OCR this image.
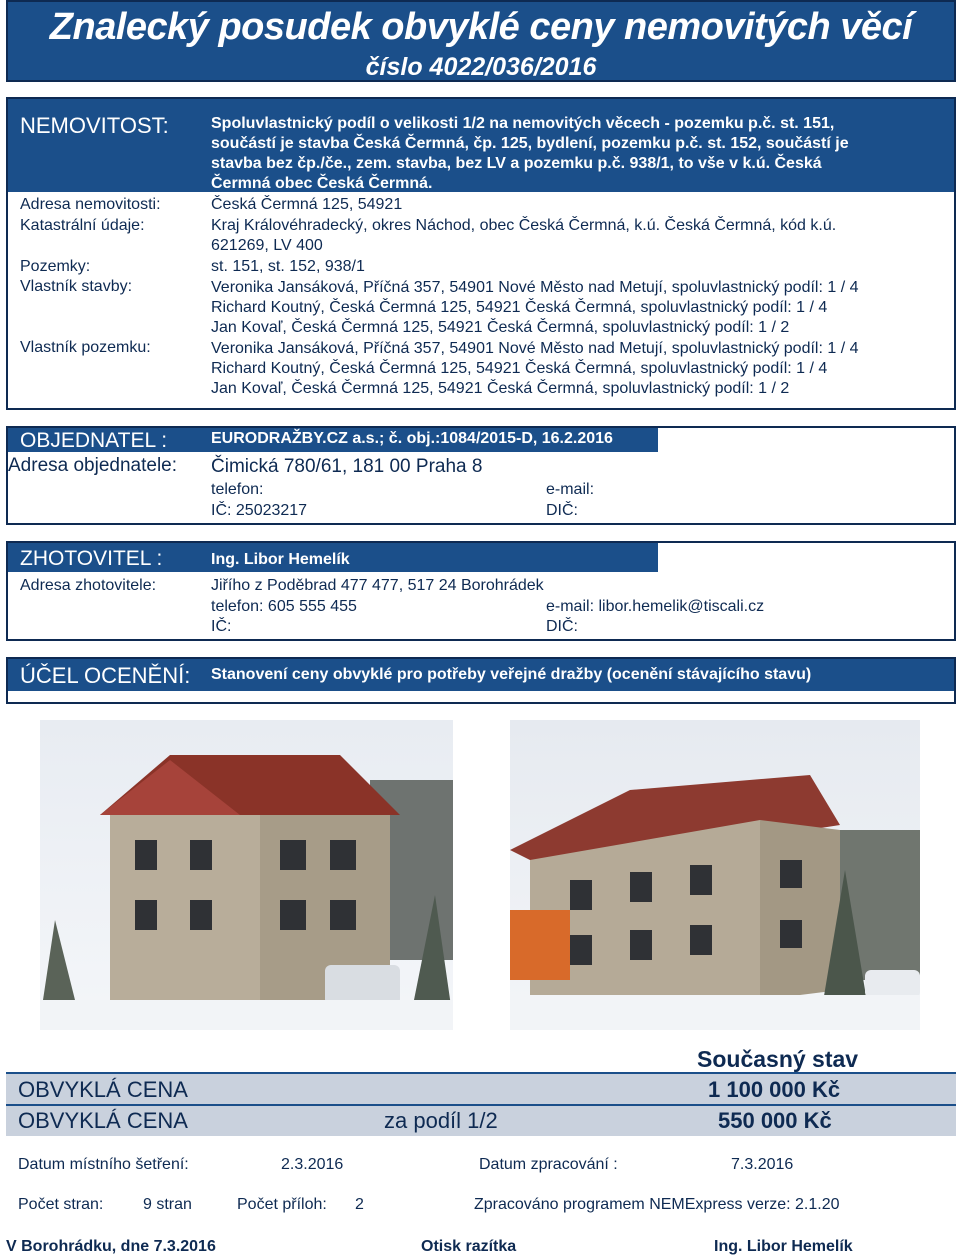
Znalecký posudek obvyklé ceny nemovitých věcí
číslo 4022/036/2016
NEMOVITOST:	Spoluvlastnický podíl o velikosti 1/2 na nemovitých věcech - pozemku p.č. st. 151,
součástí je stavba Česká Čermná, čp. 125, bydlení, pozemku p.č. st. 152, součástí je
stavba bez čp./če., zem. stavba, bez LV a pozemku p.č. 938/1, to vše v k.ú. Česká
Čermná obec Česká Čermná.
Adresa nemovitosti:	Česká Čermná 125, 54921
Katastrální údaje:	Kraj Královéhradecký, okres Náchod, obec Česká Čermná, k.ú. Česká Čermná, kód k.ú.
621269, LV 400
Pozemky:	st. 151, st. 152, 938/1
Vlastník stavby:	Veronika Jansáková, Příčná 357, 54901 Nové Město nad Metují, spoluvlastnický podíl: 1 / 4
Richard Koutný, Česká Čermná 125, 54921 Česká Čermná, spoluvlastnický podíl: 1 / 4
Jan Kovaľ, Česká Čermná 125, 54921 Česká Čermná, spoluvlastnický podíl: 1 / 2
Vlastník pozemku:	Veronika Jansáková, Příčná 357, 54901 Nové Město nad Metují, spoluvlastnický podíl: 1 / 4
Richard Koutný, Česká Čermná 125, 54921 Česká Čermná, spoluvlastnický podíl: 1 / 4
Jan Kovaľ, Česká Čermná 125, 54921 Česká Čermná, spoluvlastnický podíl: 1 / 2
OBJEDNATEL :	EURODRAŽBY.CZ a.s.; č. obj.:1084/2015-D, 16.2.2016
Adresa objednatele: Čimická 780/61, 181 00 Praha 8
telefon:	e-mail:
IČ: 25023217	DIČ:
ZHOTOVITEL :	Ing. Libor Hemelík
Adresa zhotovitele:	Jiřího z Poděbrad 477 477, 517 24 Borohrádek
telefon: 605 555 455	e-mail: libor.hemelik@tiscali.cz
IČ:	DIČ:
ÚČEL OCENĚNÍ: Stanovení ceny obvyklé pro potřeby veřejné dražby (ocenění stávajícího stavu)
Současný stav
OBVYKLÁ CENA	1 100 000 Kč
OBVYKLÁ CENA	za podíl 1/2	550 000 Kč
Datum místního šetření:	2.3.2016	Datum zpracování :	7.3.2016
Počet stran: 9 stran	Počet příloh: 2	Zpracováno programem NEMExpress verze: 2.1.20
V Borohrádku, dne 7.3.2016	Otisk razítka	Ing. Libor Hemelík
